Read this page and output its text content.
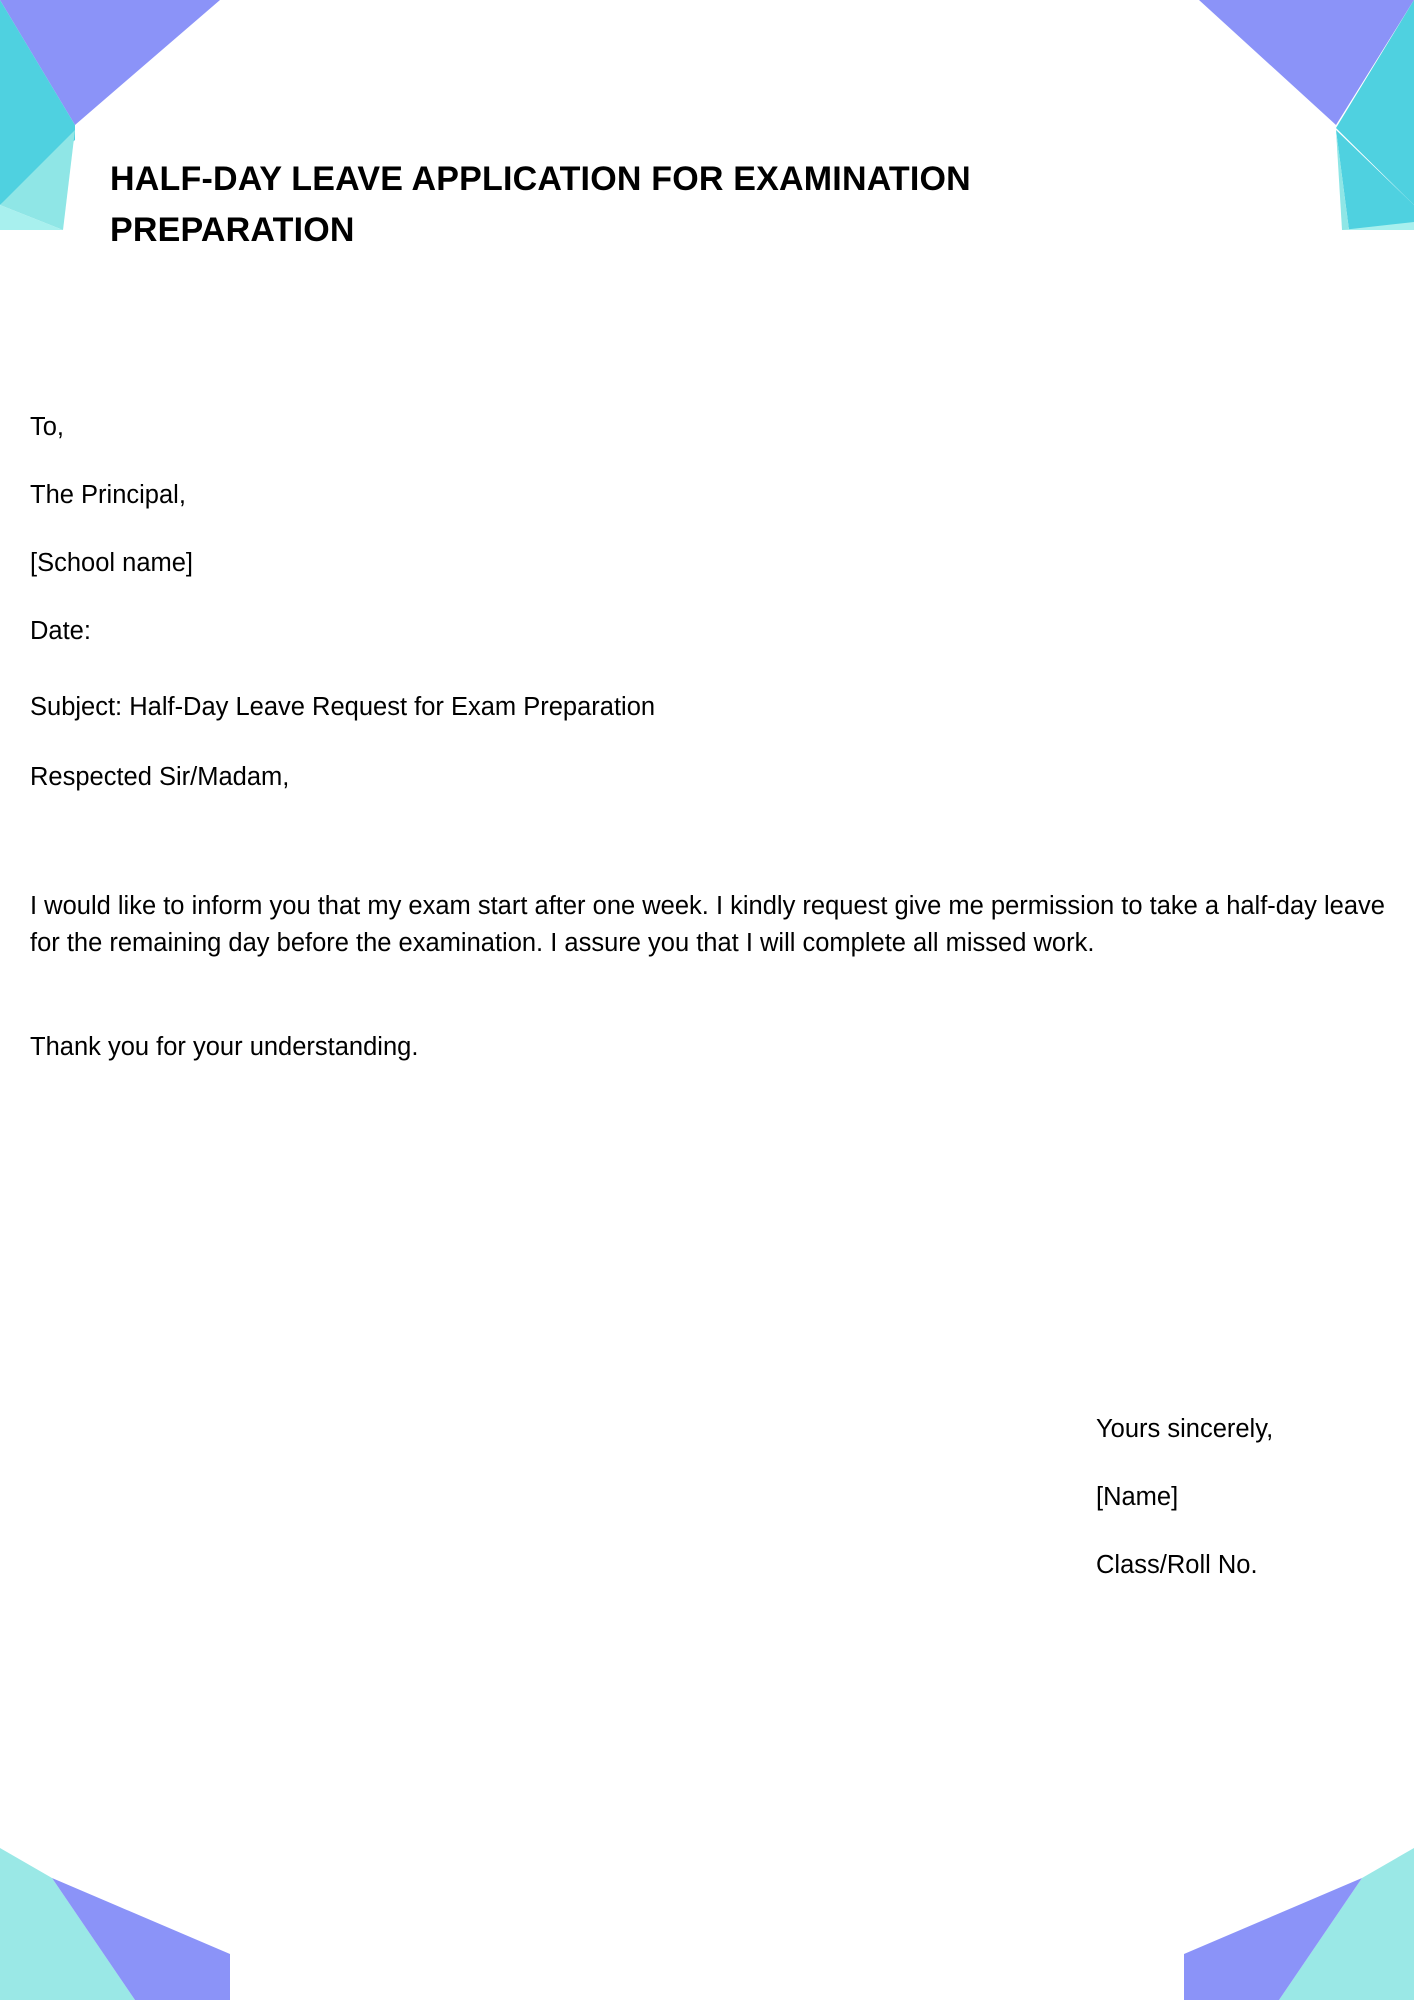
HALF-DAY LEAVE APPLICATION FOR EXAMINATION PREPARATION

To,

The Principal,

[School name]

Date:

Subject: Half-Day Leave Request for Exam Preparation
Respected Sir/Madam,

I would like to inform you that my exam start after one week. I kindly request give me permission to take a half-day leave for the remaining day before the examination. I assure you that I will complete all missed work.

Thank you for your understanding.

Yours sincerely,

[Name]

Class/Roll No.
